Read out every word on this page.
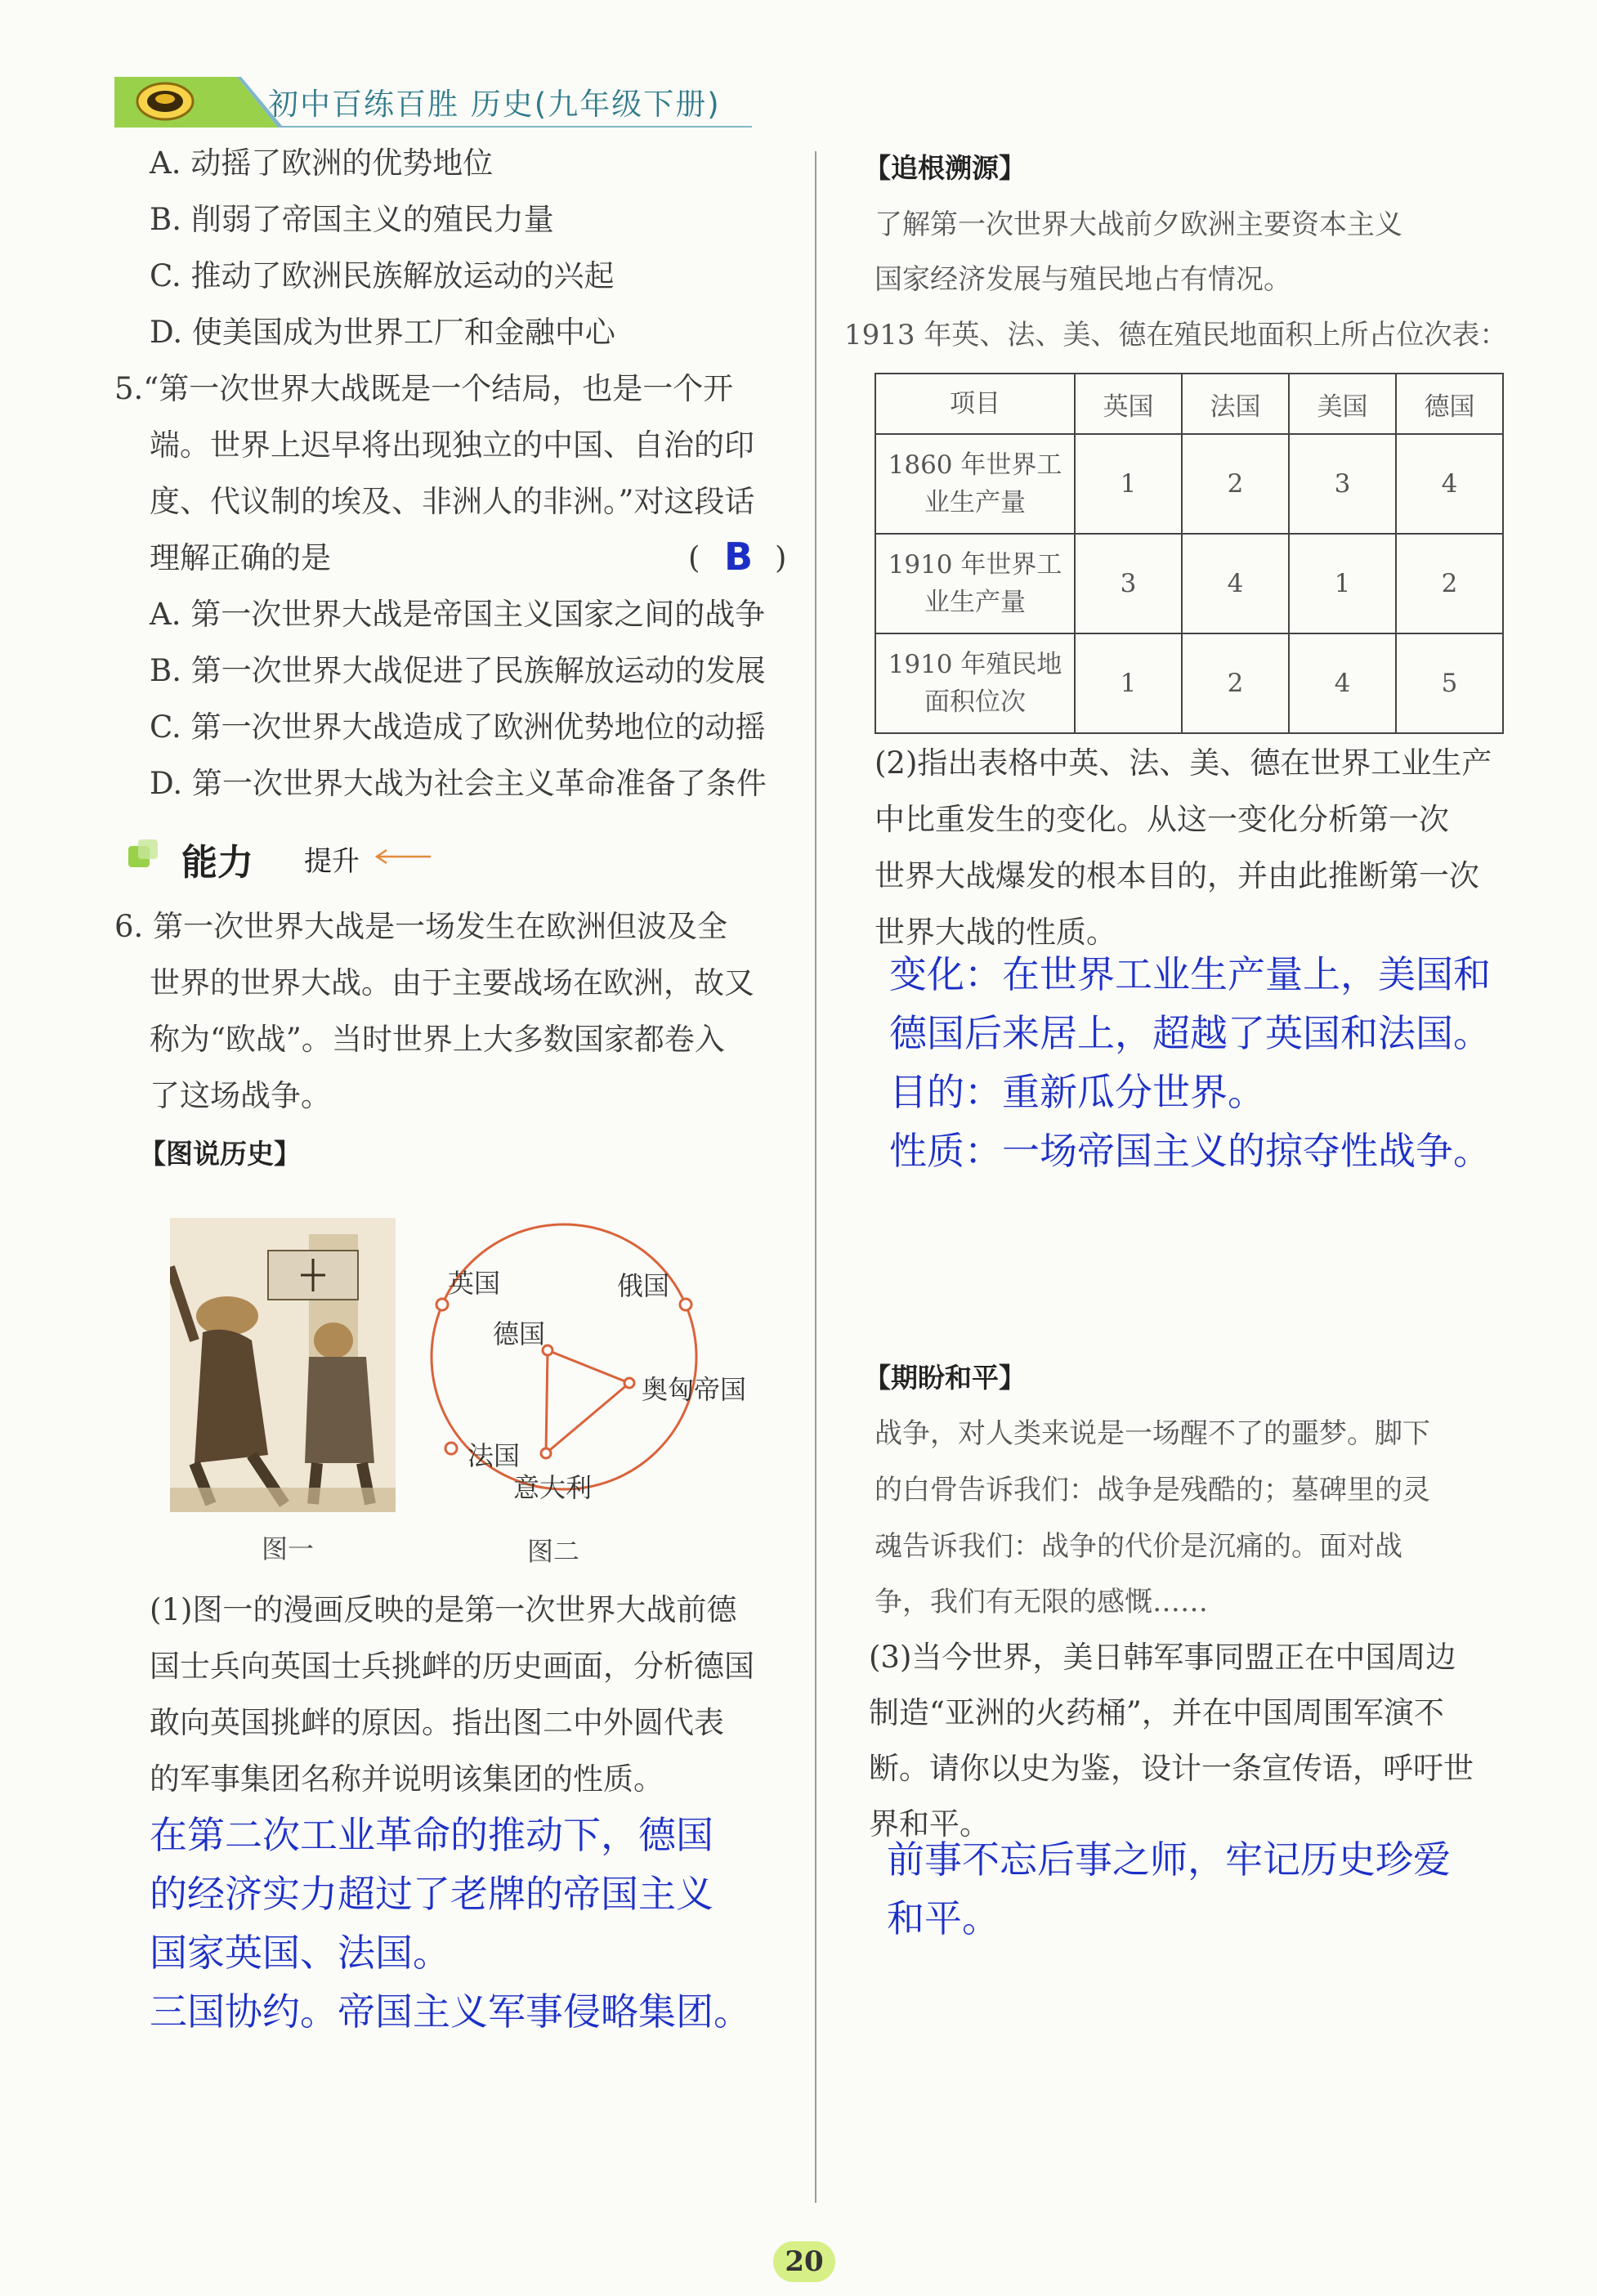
初中百练百胜 历史(九年级下册)
A. 动摇了欧洲的优势地位
B. 削弱了帝国主义的殖民力量
C. 推动了欧洲民族解放运动的兴起
D. 使美国成为世界工厂和金融中心
5.“第一次世界大战既是一个结局，也是一个开
端。世界上迟早将出现独立的中国、自治的印
度、代议制的埃及、非洲人的非洲。”对这段话
理解正确的是	( B )
A. 第一次世界大战是帝国主义国家之间的战争
B. 第一次世界大战促进了民族解放运动的发展
C. 第一次世界大战造成了欧洲优势地位的动摇
D. 第一次世界大战为社会主义革命准备了条件
能力 提升
6. 第一次世界大战是一场发生在欧洲但波及全
世界的世界大战。由于主要战场在欧洲，故又
称为“欧战”。当时世界上大多数国家都卷入
了这场战争。
【图说历史】
图一
英国	俄国
德国
奥匈帝国
法国
意大利
图二
(1)图一的漫画反映的是第一次世界大战前德
国士兵向英国士兵挑衅的历史画面，分析德国
敢向英国挑衅的原因。指出图二中外圆代表
的军事集团名称并说明该集团的性质。
在第二次工业革命的推动下，德国
的经济实力超过了老牌的帝国主义
国家英国、法国。
三国协约。帝国主义军事侵略集团。
【追根溯源】
了解第一次世界大战前夕欧洲主要资本主义
国家经济发展与殖民地占有情况。
1913 年英、法、美、德在殖民地面积上所占位次表：
项目	英国	法国	美国	德国
1860 年世界工业生产量	1	2	3	4
1910 年世界工业生产量	3	4	1	2
1910 年殖民地面积位次	1	2	4	5
(2)指出表格中英、法、美、德在世界工业生产
中比重发生的变化。从这一变化分析第一次
世界大战爆发的根本目的，并由此推断第一次
世界大战的性质。
变化：在世界工业生产量上，美国和
德国后来居上，超越了英国和法国。
目的：重新瓜分世界。
性质：一场帝国主义的掠夺性战争。
【期盼和平】
战争，对人类来说是一场醒不了的噩梦。脚下
的白骨告诉我们：战争是残酷的；墓碑里的灵
魂告诉我们：战争的代价是沉痛的。面对战
争，我们有无限的感慨……
(3)当今世界，美日韩军事同盟正在中国周边
制造“亚洲的火药桶”，并在中国周围军演不
断。请你以史为鉴，设计一条宣传语，呼吁世
界和平。
前事不忘后事之师，牢记历史珍爱
和平。
20
